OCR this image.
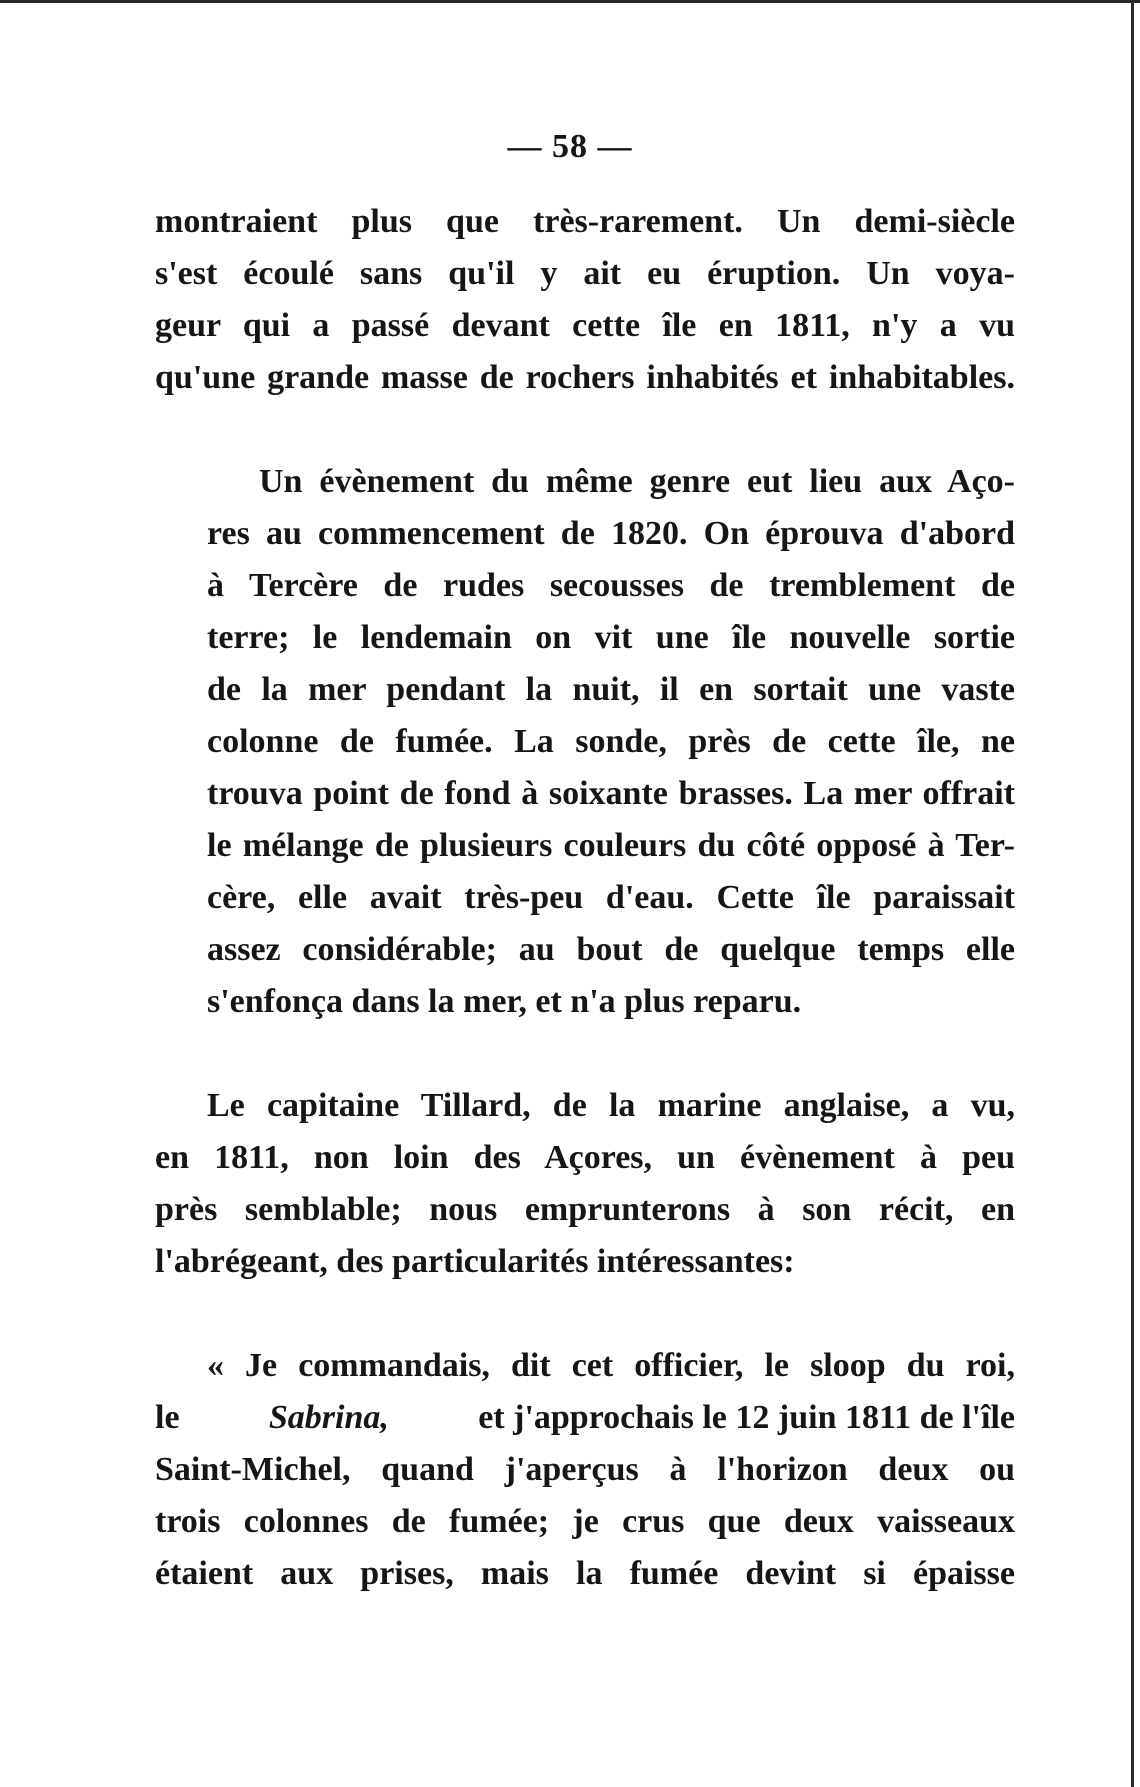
— 58 —

montraient plus que très-rarement. Un demi-siècle
s'est écoulé sans qu'il y ait eu éruption. Un voya-
geur qui a passé devant cette île en 1811, n'y a vu
qu'une grande masse de rochers inhabités et inhabitables.

Un évènement du même genre eut lieu aux Aço-
res au commencement de 1820. On éprouva d'abord
à Tercère de rudes secousses de tremblement de
terre; le lendemain on vit une île nouvelle sortie
de la mer pendant la nuit, il en sortait une vaste
colonne de fumée. La sonde, près de cette île, ne
trouva point de fond à soixante brasses. La mer offrait
le mélange de plusieurs couleurs du côté opposé à Ter-
cère, elle avait très-peu d'eau. Cette île paraissait
assez considérable; au bout de quelque temps elle
s'enfonça dans la mer, et n'a plus reparu.

Le capitaine Tillard, de la marine anglaise, a vu,
en 1811, non loin des Açores, un évènement à peu
près semblable; nous emprunterons à son récit, en
l'abrégeant, des particularités intéressantes:

« Je commandais, dit cet officier, le sloop du roi,
le	Sabrina,	et j'approchais le 12 juin 1811 de l'île
Saint-Michel, quand j'aperçus à l'horizon deux ou
trois colonnes de fumée; je crus que deux vaisseaux
étaient aux prises, mais la fumée devint si épaisse
